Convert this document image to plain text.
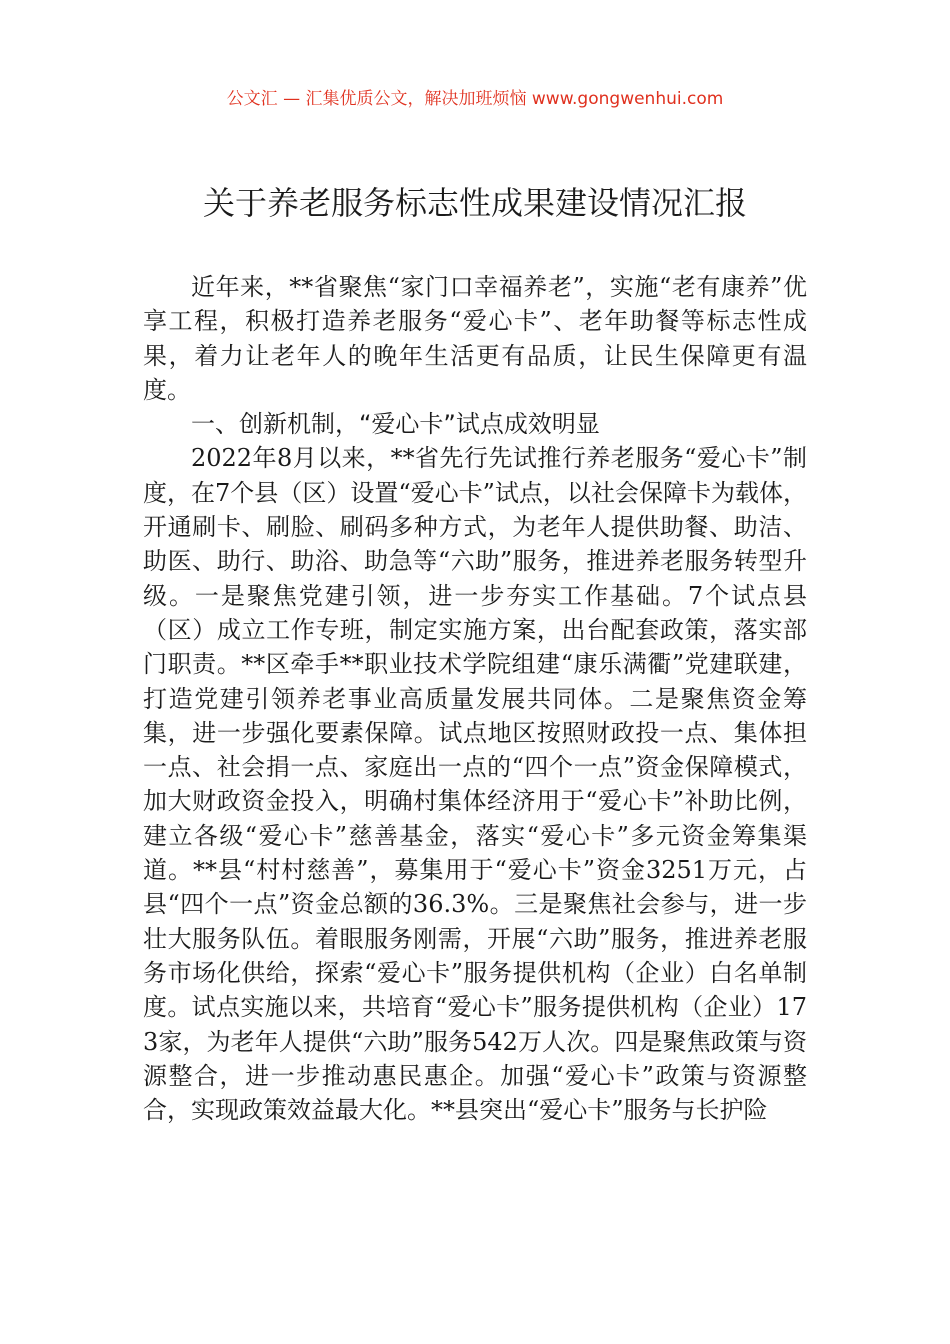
公文汇 — 汇集优质公文，解决加班烦恼 www.gongwenhui.com
关于养老服务标志性成果建设情况汇报

近年来，**省聚焦“家门口幸福养老”，实施“老有康养”优享工程，积极打造养老服务“爱心卡”、老年助餐等标志性成果，着力让老年人的晚年生活更有品质，让民生保障更有温度。

一、创新机制，“爱心卡”试点成效明显

2022年8月以来，**省先行先试推行养老服务“爱心卡”制度，在7个县（区）设置“爱心卡”试点，以社会保障卡为载体，开通刷卡、刷脸、刷码多种方式，为老年人提供助餐、助洁、助医、助行、助浴、助急等“六助”服务，推进养老服务转型升级。一是聚焦党建引领，进一步夯实工作基础。7个试点县（区）成立工作专班，制定实施方案，出台配套政策，落实部门职责。**区牵手**职业技术学院组建“康乐满衢”党建联建，打造党建引领养老事业高质量发展共同体。二是聚焦资金筹集，进一步强化要素保障。试点地区按照财政投一点、集体担一点、社会捐一点、家庭出一点的“四个一点”资金保障模式，加大财政资金投入，明确村集体经济用于“爱心卡”补助比例，建立各级“爱心卡”慈善基金，落实“爱心卡”多元资金筹集渠道。**县“村村慈善”，募集用于“爱心卡”资金3251万元，占县“四个一点”资金总额的36.3%。三是聚焦社会参与，进一步壮大服务队伍。着眼服务刚需，开展“六助”服务，推进养老服务市场化供给，探索“爱心卡”服务提供机构（企业）白名单制度。试点实施以来，共培育“爱心卡”服务提供机构（企业）173家，为老年人提供“六助”服务542万人次。四是聚焦政策与资源整合，进一步推动惠民惠企。加强“爱心卡”政策与资源整合，实现政策效益最大化。**县突出“爱心卡”服务与长护险
